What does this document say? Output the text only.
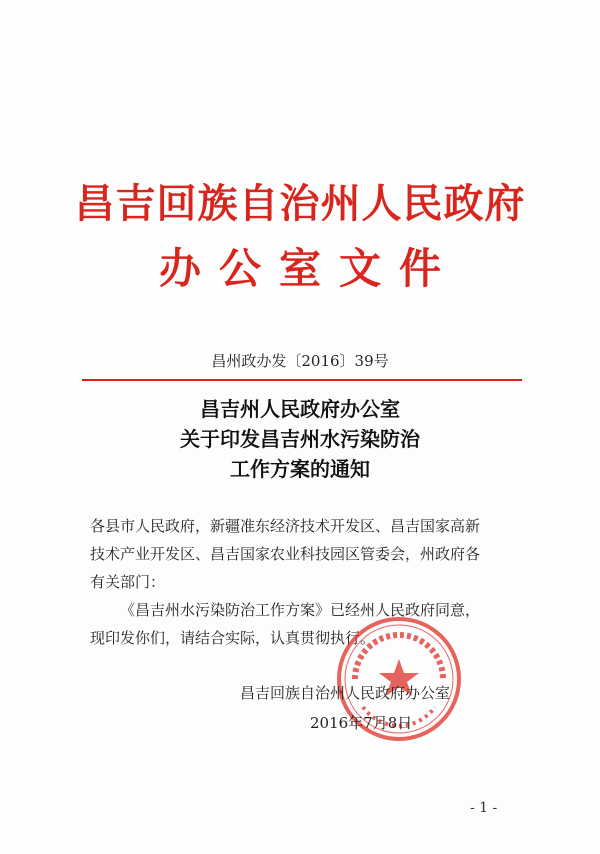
昌吉回族自治州人民政府
办公室文件
昌州政办发〔2016〕39号
昌吉州人民政府办公室
关于印发昌吉州水污染防治
工作方案的通知
各县市人民政府，新疆准东经济技术开发区、昌吉国家高新
技术产业开发区、昌吉国家农业科技园区管委会，州政府各
有关部门：
《昌吉州水污染防治工作方案》已经州人民政府同意，
现印发你们，请结合实际，认真贯彻执行。
昌吉回族自治州人民政府办公室
2016年7月8日
- 1 -
